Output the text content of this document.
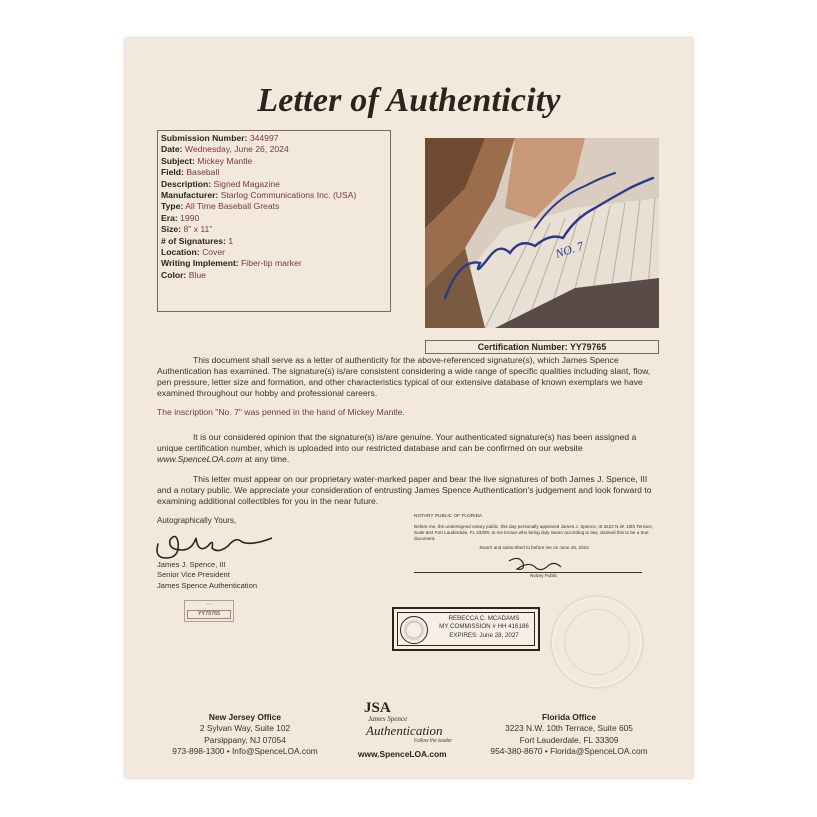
Letter of Authenticity
Submission Number: 344997
Date: Wednesday, June 26, 2024
Subject: Mickey Mantle
Field: Baseball
Description: Signed Magazine
Manufacturer: Starlog Communications Inc. (USA)
Type: All Time Baseball Greats
Era: 1990
Size: 8" x 11"
# of Signatures: 1
Location: Cover
Writing Implement: Fiber-tip marker
Color: Blue
NO. 7
Certification Number: YY79765
This document shall serve as a letter of authenticity for the above-referenced signature(s), which James Spence Authentication has examined. The signature(s) is/are consistent considering a wide range of specific qualities including slant, flow, pen pressure, letter size and formation, and other characteristics typical of our extensive database of known exemplars we have examined throughout our hobby and professional careers.
The inscription "No. 7" was penned in the hand of Mickey Mantle.
It is our considered opinion that the signature(s) is/are genuine. Your authenticated signature(s) has been assigned a unique certification number, which is uploaded into our restricted database and can be confirmed on our website www.SpenceLOA.com at any time.
This letter must appear on our proprietary water-marked paper and bear the live signatures of both James J. Spence, III and a notary public. We appreciate your consideration of entrusting James Spence Authentication's judgement and look forward to examining additional collectibles for you in the near future.
Autographically Yours,
James J. Spence, III
Senior Vice President
James Spence Authentication
~~
YY79765
NOTARY PUBLIC OF FLORIDA
Before me, the undersigned notary public, this day personally appeared James J. Spence, III 3223 N.W. 10th Terrace, Suite 604 Fort Lauderdale, FL 33309, to me known who being duly sworn according to law, claimed this to be a true document.
Sworn and subscribed to before me on June 26, 2024
Notary Public
REBECCA C. MCADAMS
MY COMMISSION # HH 416186
EXPIRES: June 28, 2027
New Jersey Office
2 Sylvan Way, Suite 102
Parsippany, NJ 07054
973-898-1300 • Info@SpenceLOA.com
JSA
James Spence
Authentication
Follow the leader
www.SpenceLOA.com
Florida Office
3223 N.W. 10th Terrace, Suite 605
Fort Lauderdale, FL 33309
954-380-8670 • Florida@SpenceLOA.com
